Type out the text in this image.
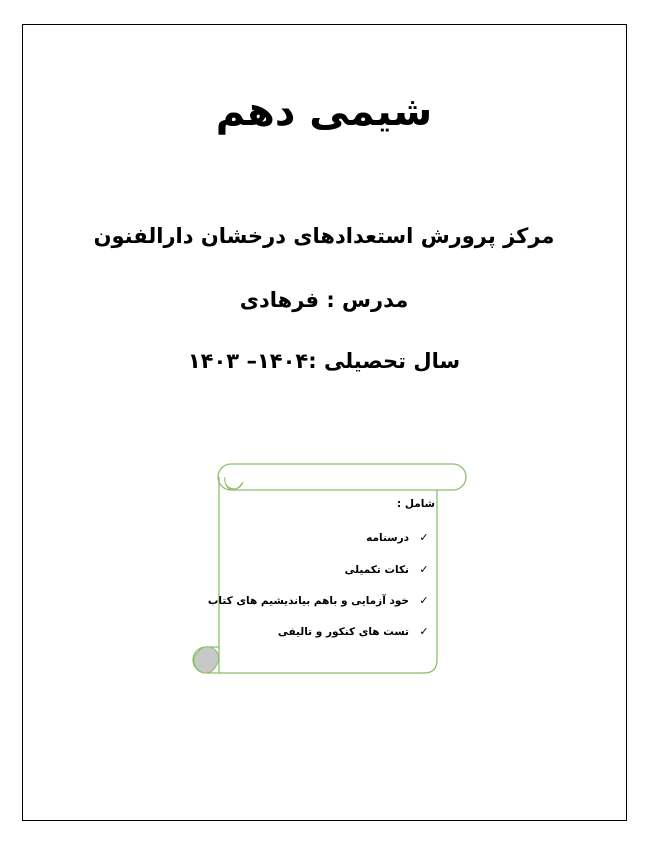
شیمی دهم
مرکز پرورش استعدادهای درخشان دارالفنون
مدرس : فرهادی
سال تحصیلی :۱۴۰۴– ۱۴۰۳
شامل :
✓
درسنامه
✓
نکات تکمیلی
✓
خود آزمایی و باهم بیاندیشیم های کتاب
✓
تست های کنکور و تالیفی
